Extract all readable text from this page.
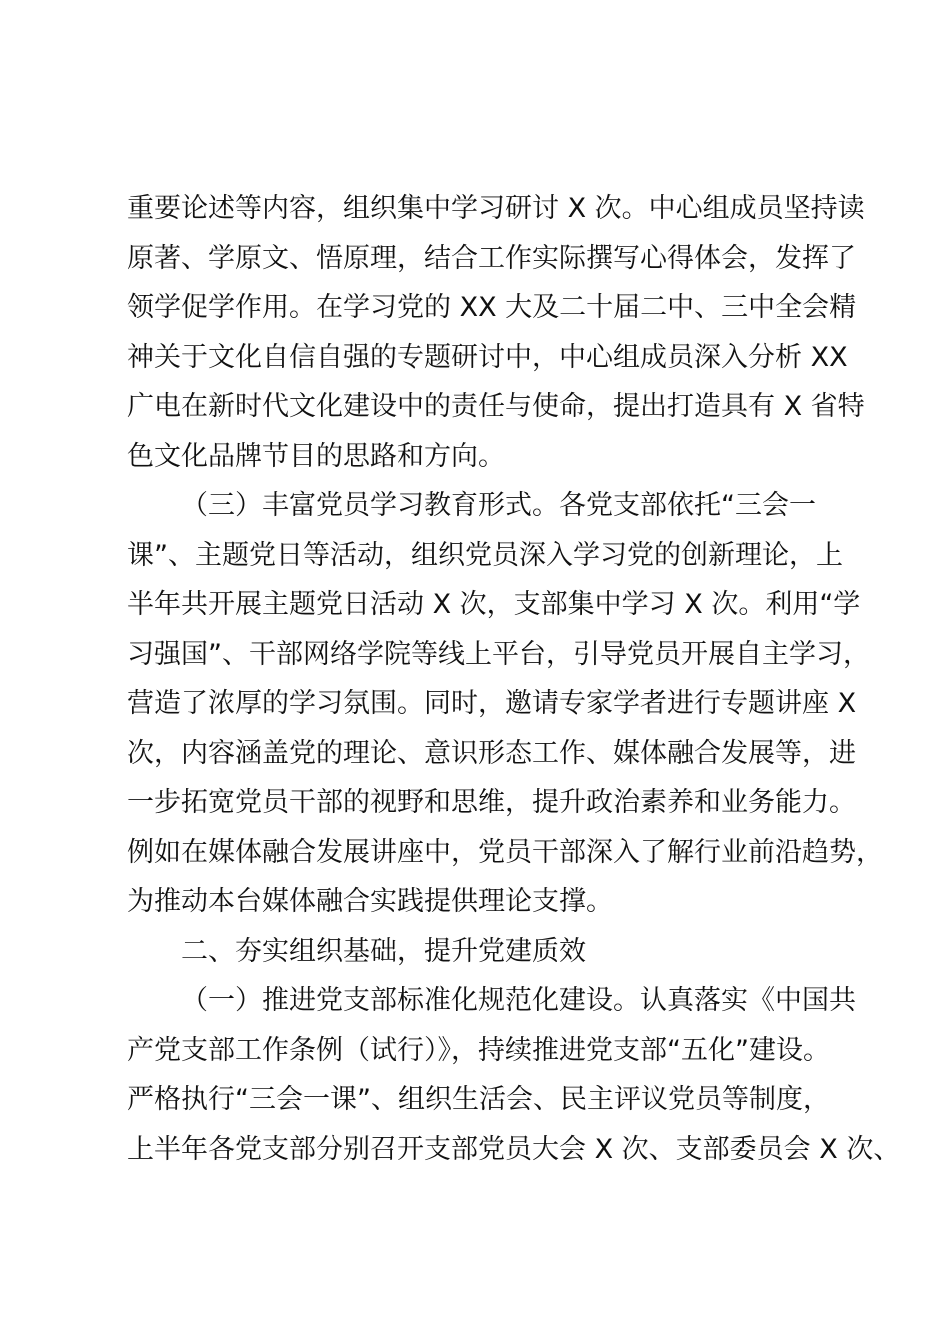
重要论述等内容，组织集中学习研讨 X 次。中心组成员坚持读
原著、学原文、悟原理，结合工作实际撰写心得体会，发挥了
领学促学作用。在学习党的 XX 大及二十届二中、三中全会精
神关于文化自信自强的专题研讨中，中心组成员深入分析 XX
广电在新时代文化建设中的责任与使命，提出打造具有 X 省特
色文化品牌节目的思路和方向。
（三）丰富党员学习教育形式。各党支部依托“三会一
课”、主题党日等活动，组织党员深入学习党的创新理论，上
半年共开展主题党日活动 X 次，支部集中学习 X 次。利用“学
习强国”、干部网络学院等线上平台，引导党员开展自主学习，
营造了浓厚的学习氛围。同时，邀请专家学者进行专题讲座 X
次，内容涵盖党的理论、意识形态工作、媒体融合发展等，进
一步拓宽党员干部的视野和思维，提升政治素养和业务能力。
例如在媒体融合发展讲座中，党员干部深入了解行业前沿趋势，
为推动本台媒体融合实践提供理论支撑。
二、夯实组织基础，提升党建质效
（一）推进党支部标准化规范化建设。认真落实《中国共
产党支部工作条例（试行）》，持续推进党支部“五化”建设。
严格执行“三会一课”、组织生活会、民主评议党员等制度，
上半年各党支部分别召开支部党员大会 X 次、支部委员会 X 次、
